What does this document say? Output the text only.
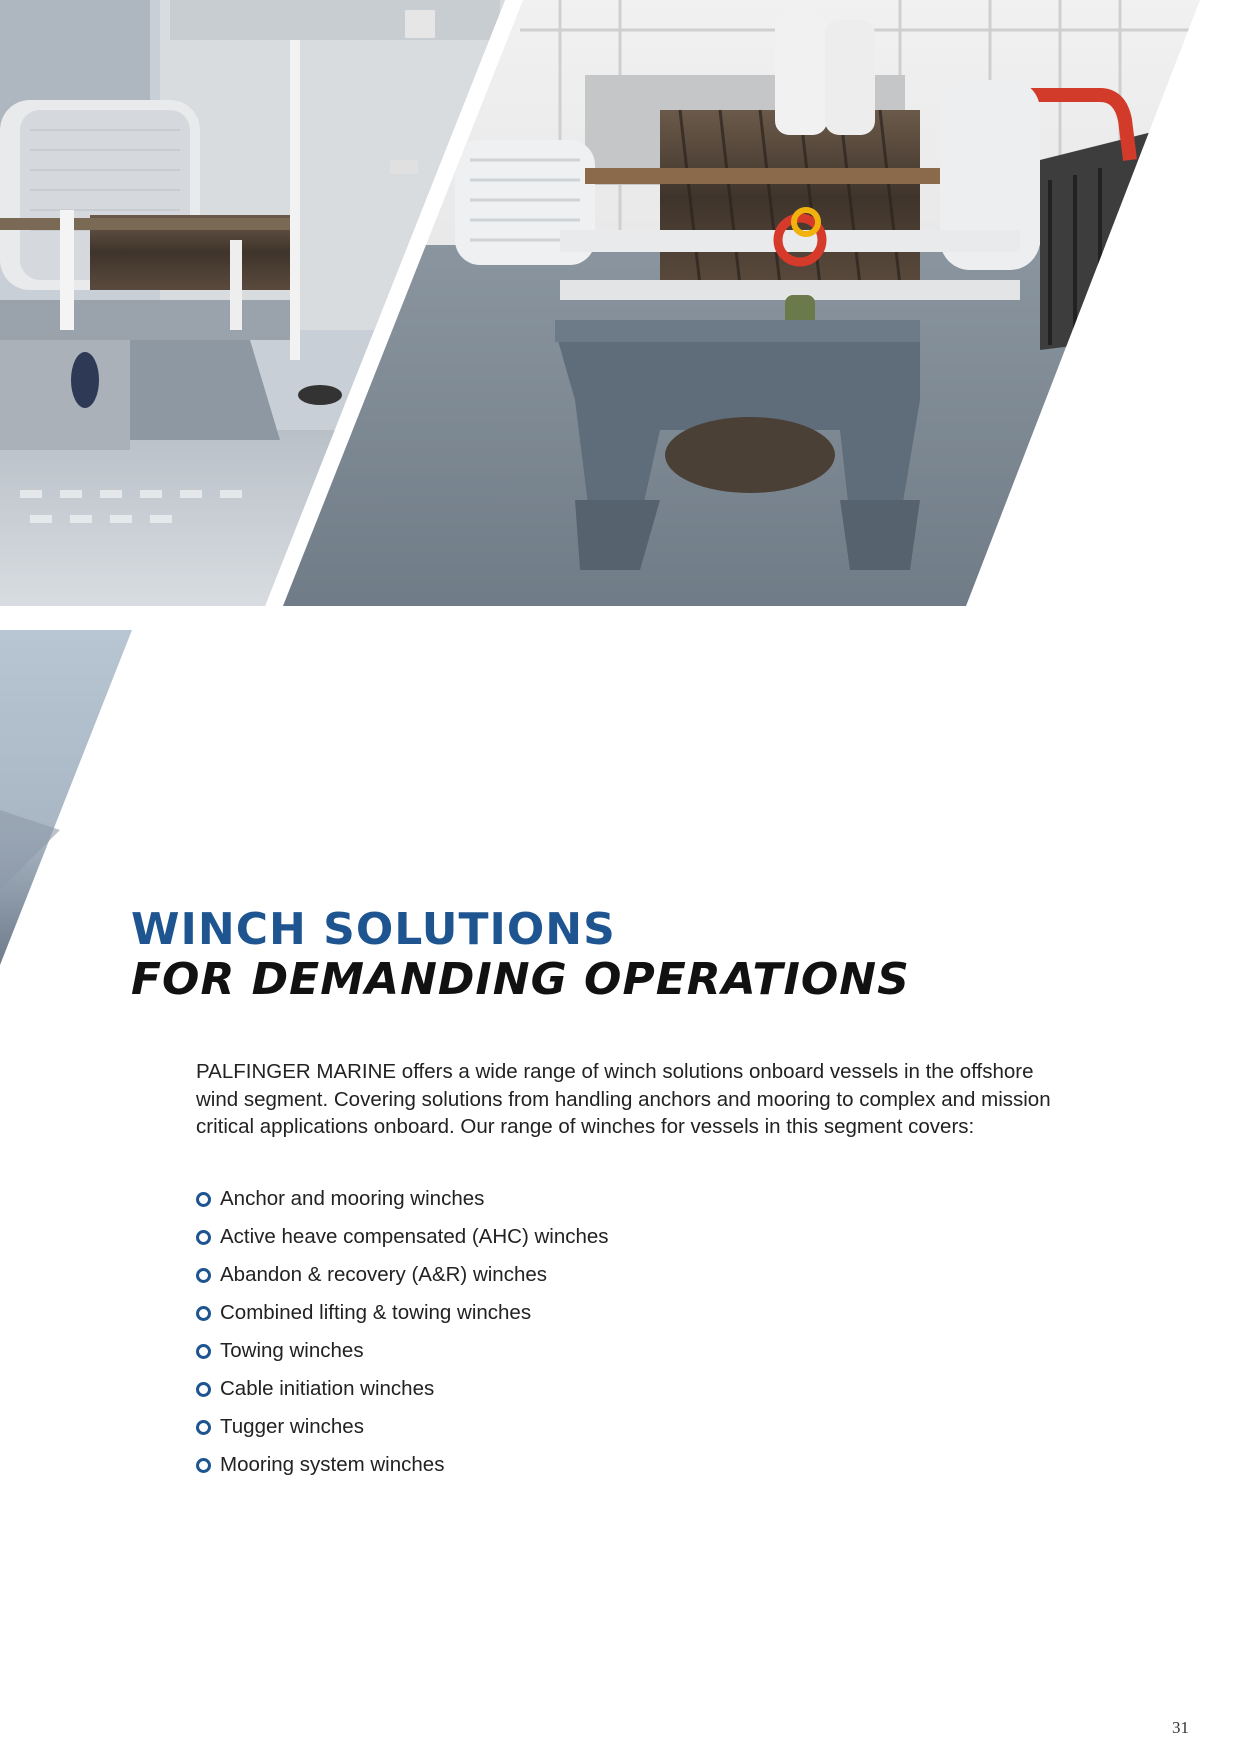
WINCH SOLUTIONS
FOR DEMANDING OPERATIONS

PALFINGER MARINE offers a wide range of winch solutions onboard vessels in the offshore wind segment. Covering solutions from handling anchors and mooring to complex and mission critical applications onboard. Our range of winches for vessels in this segment covers:

Anchor and mooring winches
Active heave compensated (AHC) winches
Abandon & recovery (A&R) winches
Combined lifting & towing winches
Towing winches
Cable initiation winches
Tugger winches
Mooring system winches
31
